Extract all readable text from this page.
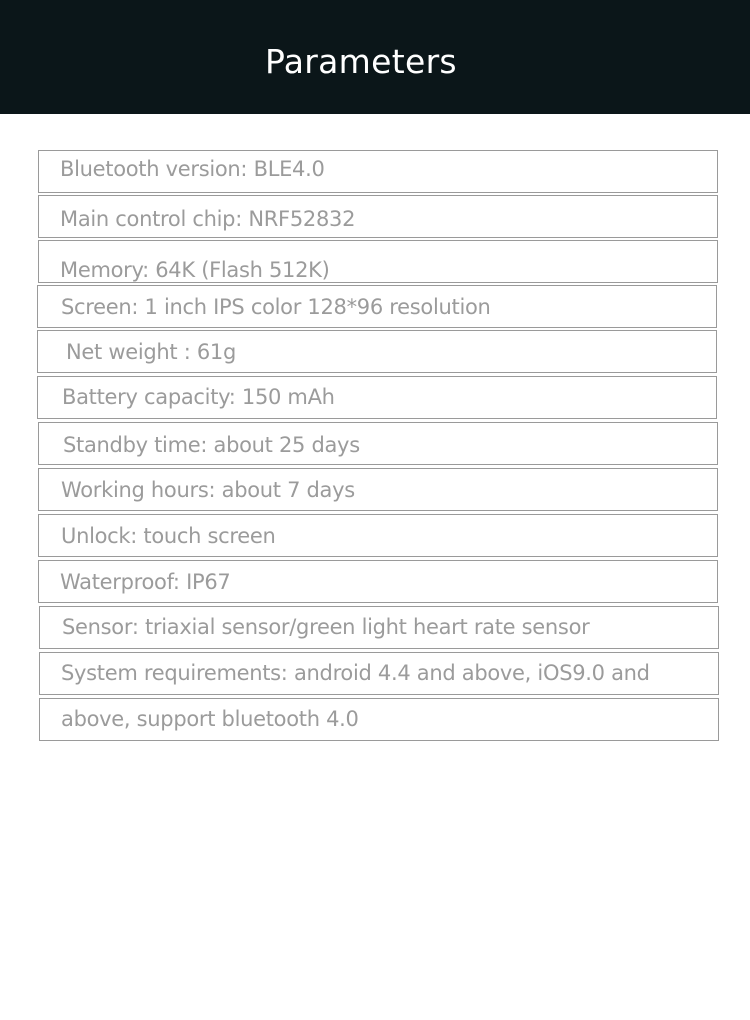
Parameters
Bluetooth version: BLE4.0
Main control chip: NRF52832
Memory: 64K (Flash 512K)
Screen: 1 inch IPS color 128*96 resolution
Net weight : 61g
Battery capacity: 150 mAh
Standby time: about 25 days
Working hours: about 7 days
Unlock: touch screen
Waterproof: IP67
Sensor: triaxial sensor/green light heart rate sensor
System requirements: android 4.4 and above, iOS9.0 and
above, support bluetooth 4.0
